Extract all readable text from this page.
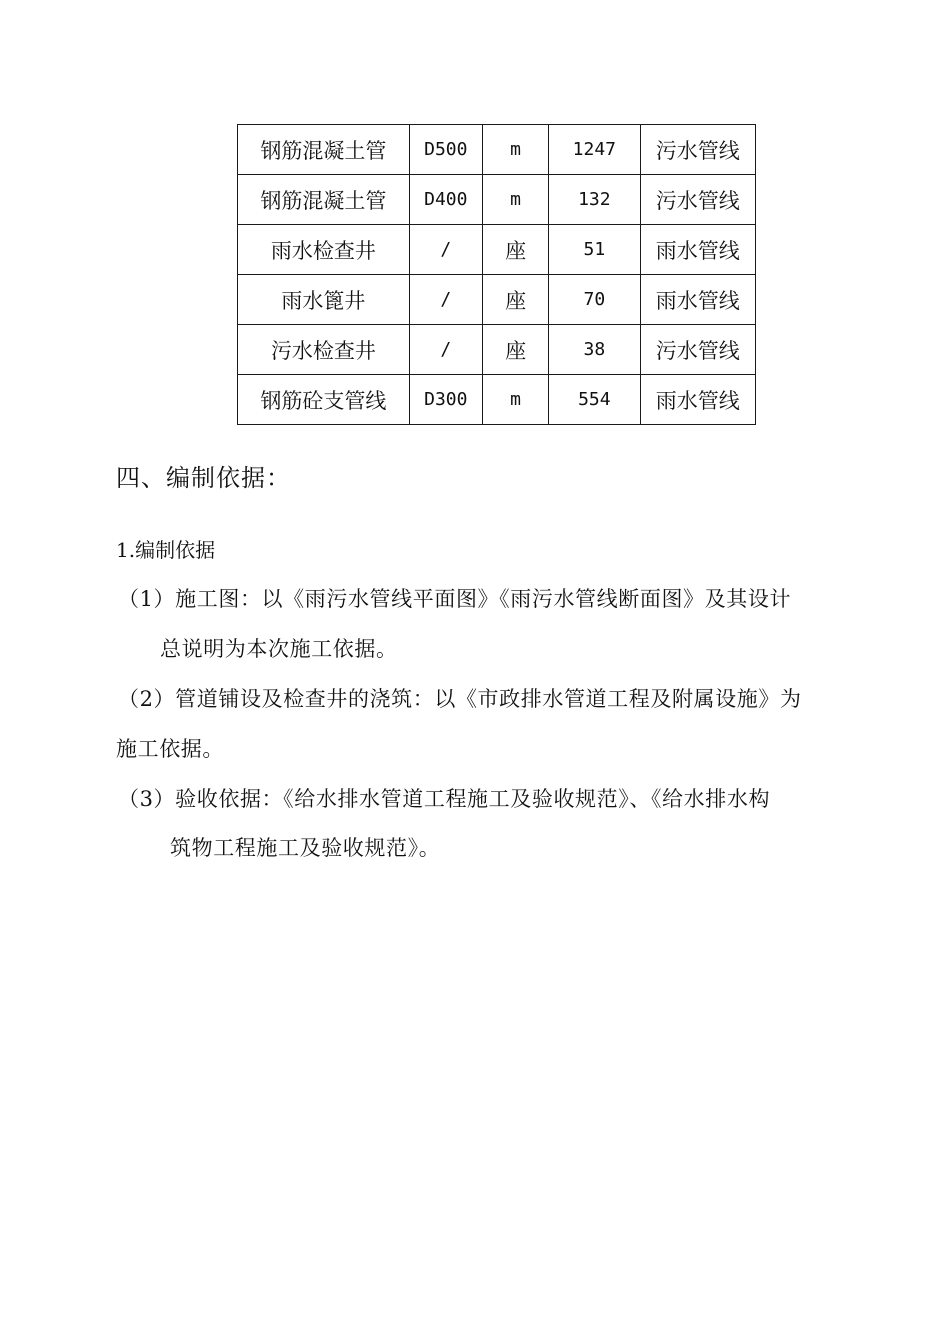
钢筋混凝土管	D500	m	1247	污水管线
钢筋混凝土管	D400	m	132	污水管线
雨水检查井	/	座	51	雨水管线
雨水篦井	/	座	70	雨水管线
污水检查井	/	座	38	污水管线
钢筋砼支管线	D300	m	554	雨水管线
四、编制依据：
1.编制依据
（1）施工图：以《雨污水管线平面图》《雨污水管线断面图》及其设计
总说明为本次施工依据。
（2）管道铺设及检查井的浇筑：以《市政排水管道工程及附属设施》为
施工依据。
（3）验收依据：《给水排水管道工程施工及验收规范》、《给水排水构
筑物工程施工及验收规范》。
